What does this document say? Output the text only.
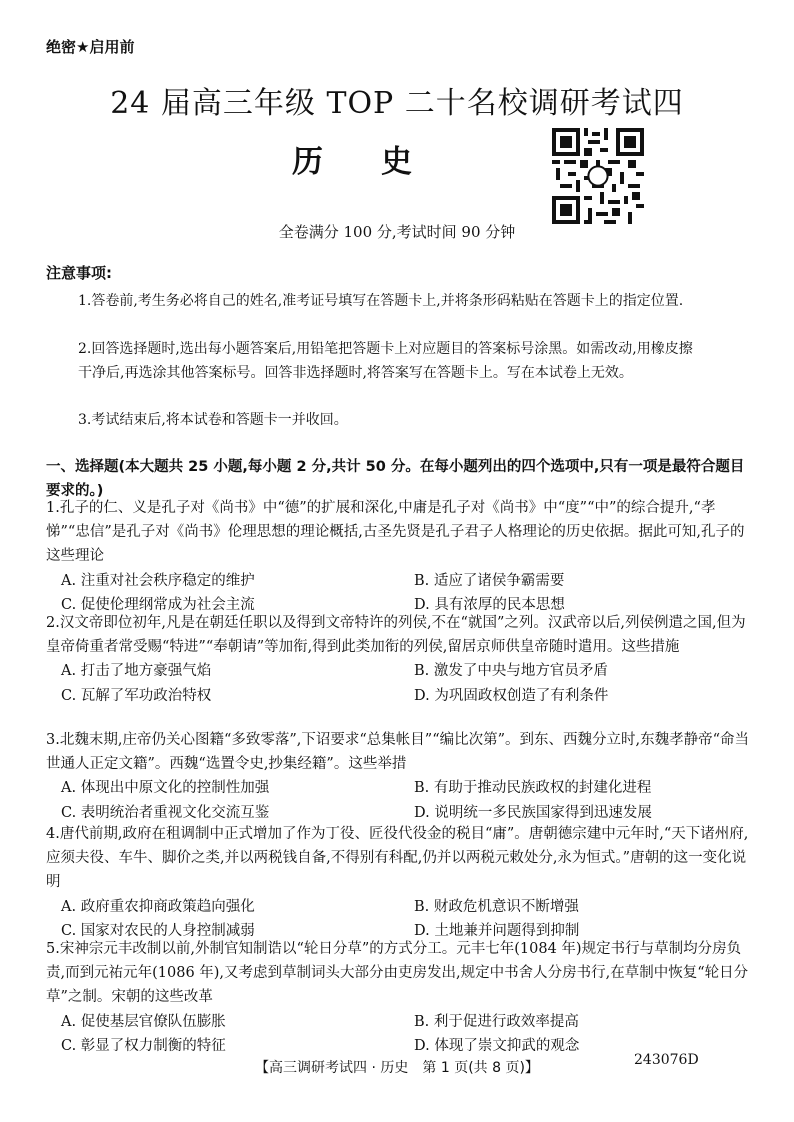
绝密★启用前
24 届高三年级 TOP 二十名校调研考试四
历史
全卷满分 100 分,考试时间 90 分钟
注意事项:
1.答卷前,考生务必将自己的姓名,准考证号填写在答题卡上,并将条形码粘贴在答题卡上的指定位置.
2.回答选择题时,选出每小题答案后,用铅笔把答题卡上对应题目的答案标号涂黑。如需改动,用橡皮擦干净后,再选涂其他答案标号。回答非选择题时,将答案写在答题卡上。写在本试卷上无效。
3.考试结束后,将本试卷和答题卡一并收回。
一、选择题(本大题共 25 小题,每小题 2 分,共计 50 分。在每小题列出的四个选项中,只有一项是最符合题目要求的。)
1.孔子的仁、义是孔子对《尚书》中“德”的扩展和深化,中庸是孔子对《尚书》中“度”“中”的综合提升,“孝悌”“忠信”是孔子对《尚书》伦理思想的理论概括,古圣先贤是孔子君子人格理论的历史依据。据此可知,孔子的这些理论
A. 注重对社会秩序稳定的维护	B. 适应了诸侯争霸需要
C. 促使伦理纲常成为社会主流	D. 具有浓厚的民本思想
2.汉文帝即位初年,凡是在朝廷任职以及得到文帝特许的列侯,不在“就国”之列。汉武帝以后,列侯例遣之国,但为皇帝倚重者常受赐“特进”“奉朝请”等加衔,得到此类加衔的列侯,留居京师供皇帝随时遣用。这些措施
A. 打击了地方豪强气焰	B. 激发了中央与地方官员矛盾
C. 瓦解了军功政治特权	D. 为巩固政权创造了有利条件
3.北魏末期,庄帝仍关心图籍“多致零落”,下诏要求“总集帐目”“编比次第”。到东、西魏分立时,东魏孝静帝“命当世通人正定文籍”。西魏“选置令史,抄集经籍”。这些举措
A. 体现出中原文化的控制性加强	B. 有助于推动民族政权的封建化进程
C. 表明统治者重视文化交流互鉴	D. 说明统一多民族国家得到迅速发展
4.唐代前期,政府在租调制中正式增加了作为丁役、匠役代役金的税目“庸”。唐朝德宗建中元年时,“天下诸州府,应须夫役、车牛、脚价之类,并以两税钱自备,不得别有科配,仍并以两税元敕处分,永为恒式。”唐朝的这一变化说明
A. 政府重农抑商政策趋向强化	B. 财政危机意识不断增强
C. 国家对农民的人身控制减弱	D. 土地兼并问题得到抑制
5.宋神宗元丰改制以前,外制官知制诰以“轮日分草”的方式分工。元丰七年(1084 年)规定书行与草制均分房负责,而到元祐元年(1086 年),又考虑到草制词头大部分由吏房发出,规定中书舍人分房书行,在草制中恢复“轮日分草”之制。宋朝的这些改革
A. 促使基层官僚队伍膨胀	B. 利于促进行政效率提高
C. 彰显了权力制衡的特征	D. 体现了崇文抑武的观念
【高三调研考试四 · 历史　第 1 页(共 8 页)】	243076D
